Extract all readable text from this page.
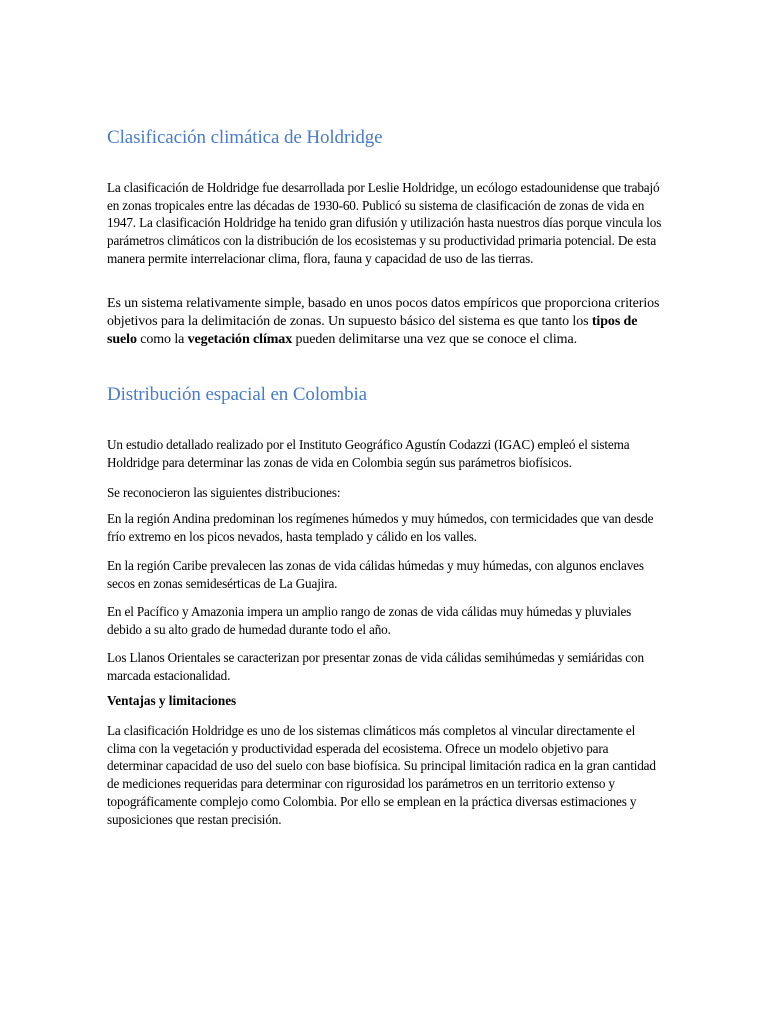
Clasificación climática de Holdridge

La clasificación de Holdridge fue desarrollada por Leslie Holdridge, un ecólogo estadounidense que trabajó en zonas tropicales entre las décadas de 1930-60. Publicó su sistema de clasificación de zonas de vida en 1947. La clasificación Holdridge ha tenido gran difusión y utilización hasta nuestros días porque vincula los parámetros climáticos con la distribución de los ecosistemas y su productividad primaria potencial. De esta manera permite interrelacionar clima, flora, fauna y capacidad de uso de las tierras.

Es un sistema relativamente simple, basado en unos pocos datos empíricos que proporciona criterios objetivos para la delimitación de zonas. Un supuesto básico del sistema es que tanto los tipos de suelo como la vegetación clímax pueden delimitarse una vez que se conoce el clima.

Distribución espacial en Colombia

Un estudio detallado realizado por el Instituto Geográfico Agustín Codazzi (IGAC) empleó el sistema Holdridge para determinar las zonas de vida en Colombia según sus parámetros biofísicos.

Se reconocieron las siguientes distribuciones:

En la región Andina predominan los regímenes húmedos y muy húmedos, con termicidades que van desde frío extremo en los picos nevados, hasta templado y cálido en los valles.

En la región Caribe prevalecen las zonas de vida cálidas húmedas y muy húmedas, con algunos enclaves secos en zonas semidesérticas de La Guajira.

En el Pacífico y Amazonia impera un amplio rango de zonas de vida cálidas muy húmedas y pluviales debido a su alto grado de humedad durante todo el año.

Los Llanos Orientales se caracterizan por presentar zonas de vida cálidas semihúmedas y semiáridas con marcada estacionalidad.

Ventajas y limitaciones

La clasificación Holdridge es uno de los sistemas climáticos más completos al vincular directamente el clima con la vegetación y productividad esperada del ecosistema. Ofrece un modelo objetivo para determinar capacidad de uso del suelo con base biofísica. Su principal limitación radica en la gran cantidad de mediciones requeridas para determinar con rigurosidad los parámetros en un territorio extenso y topográficamente complejo como Colombia. Por ello se emplean en la práctica diversas estimaciones y suposiciones que restan precisión.
